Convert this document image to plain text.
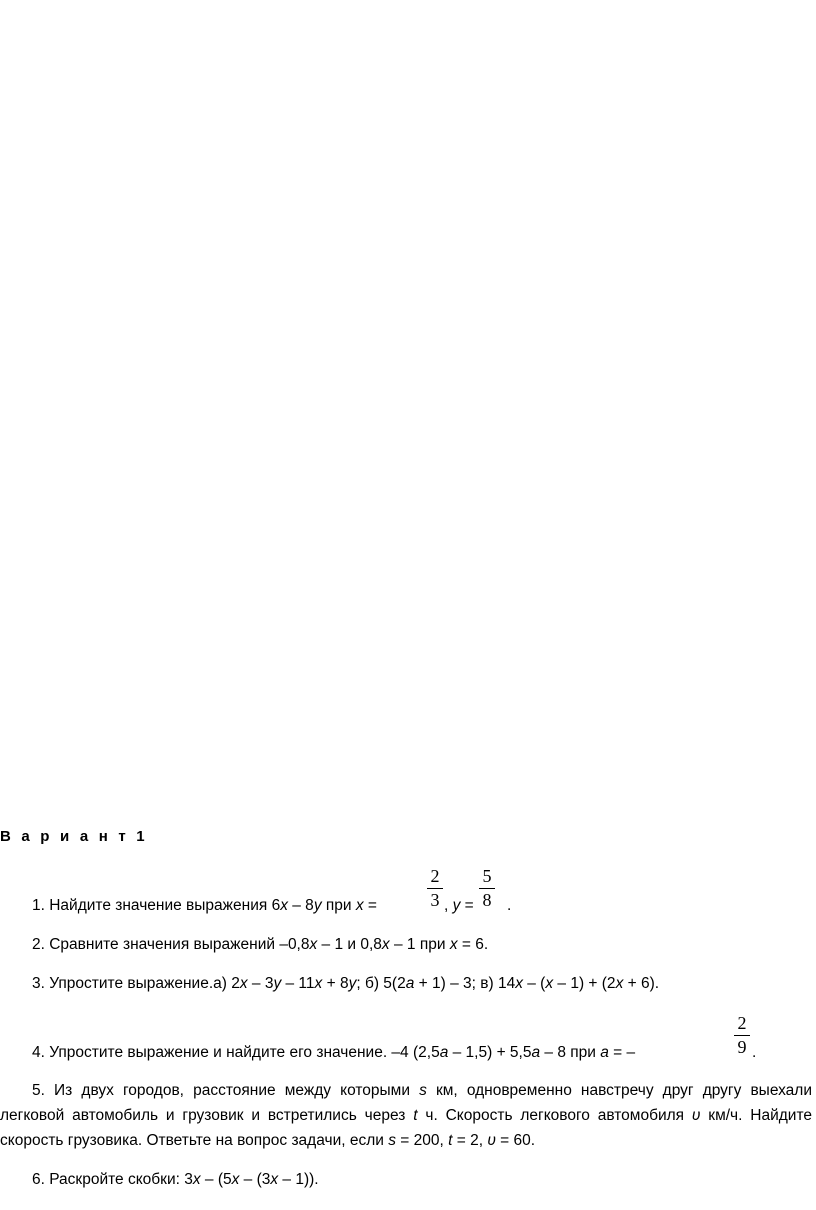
В а р и а н т 1
1. Найдите значение выражения 6x – 8y при x =
2
3 , y =
5
8 .
2. Сравните значения выражений –0,8x – 1 и 0,8x – 1 при x = 6.
3. Упростите выражение.а) 2x – 3y – 11x + 8y; б) 5(2a + 1) – 3; в) 14x – (x – 1) + (2x + 6).
4. Упростите выражение и найдите его значение. –4 (2,5a – 1,5) + 5,5a – 8 при a = –
2
9 .
5. Из двух городов, расстояние между которыми s км, одновременно навстречу друг другу выехали легковой автомобиль и грузовик и встретились через t ч. Скорость легкового автомобиля υ км/ч. Найдите скорость грузовика. Ответьте на вопрос задачи, если s = 200, t = 2, υ = 60.
6. Раскройте скобки: 3x – (5x – (3x – 1)).
